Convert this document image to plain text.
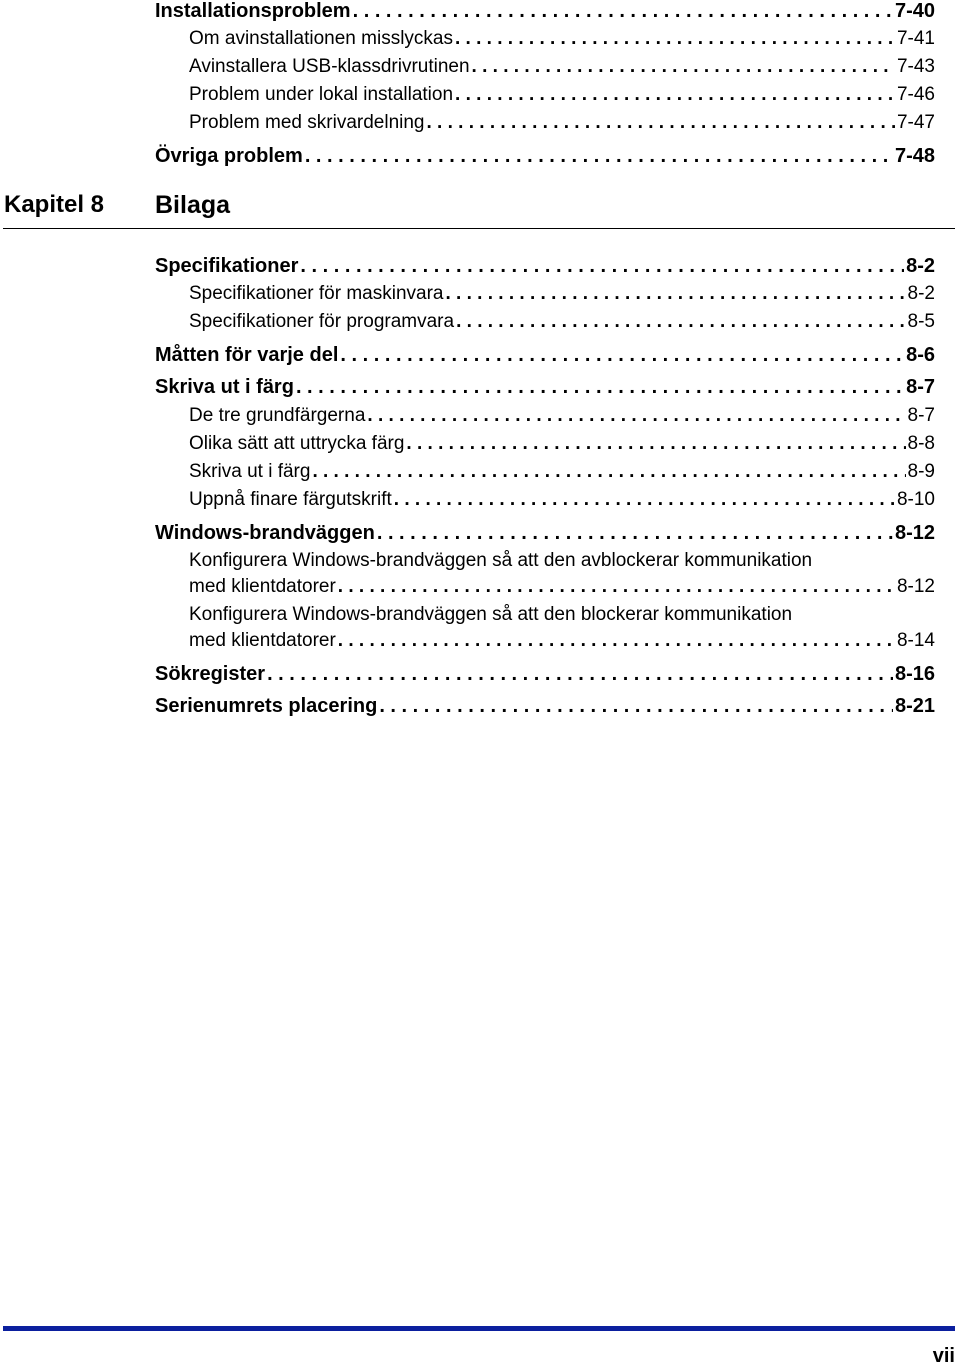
Installationsproblem . . .	7-40
Om avinstallationen misslyckas . . .	7-41
Avinstallera USB-klassdrivrutinen . . .	7-43
Problem under lokal installation . . .	7-46
Problem med skrivardelning . . .	7-47
Övriga problem . . .	7-48
Kapitel 8 Bilaga
Specifikationer . . .	8-2
Specifikationer för maskinvara . . .	8-2
Specifikationer för programvara . . .	8-5
Måtten för varje del . . .	8-6
Skriva ut i färg . . .	8-7
De tre grundfärgerna . . .	8-7
Olika sätt att uttrycka färg . . .	8-8
Skriva ut i färg . . .	8-9
Uppnå finare färgutskrift . . .	8-10
Windows-brandväggen . . .	8-12
Konfigurera Windows-brandväggen så att den avblockerar kommunikation
med klientdatorer . . .	8-12
Konfigurera Windows-brandväggen så att den blockerar kommunikation
med klientdatorer . . .	8-14
Sökregister . . .	8-16
Serienumrets placering . . .	8-21
vii
